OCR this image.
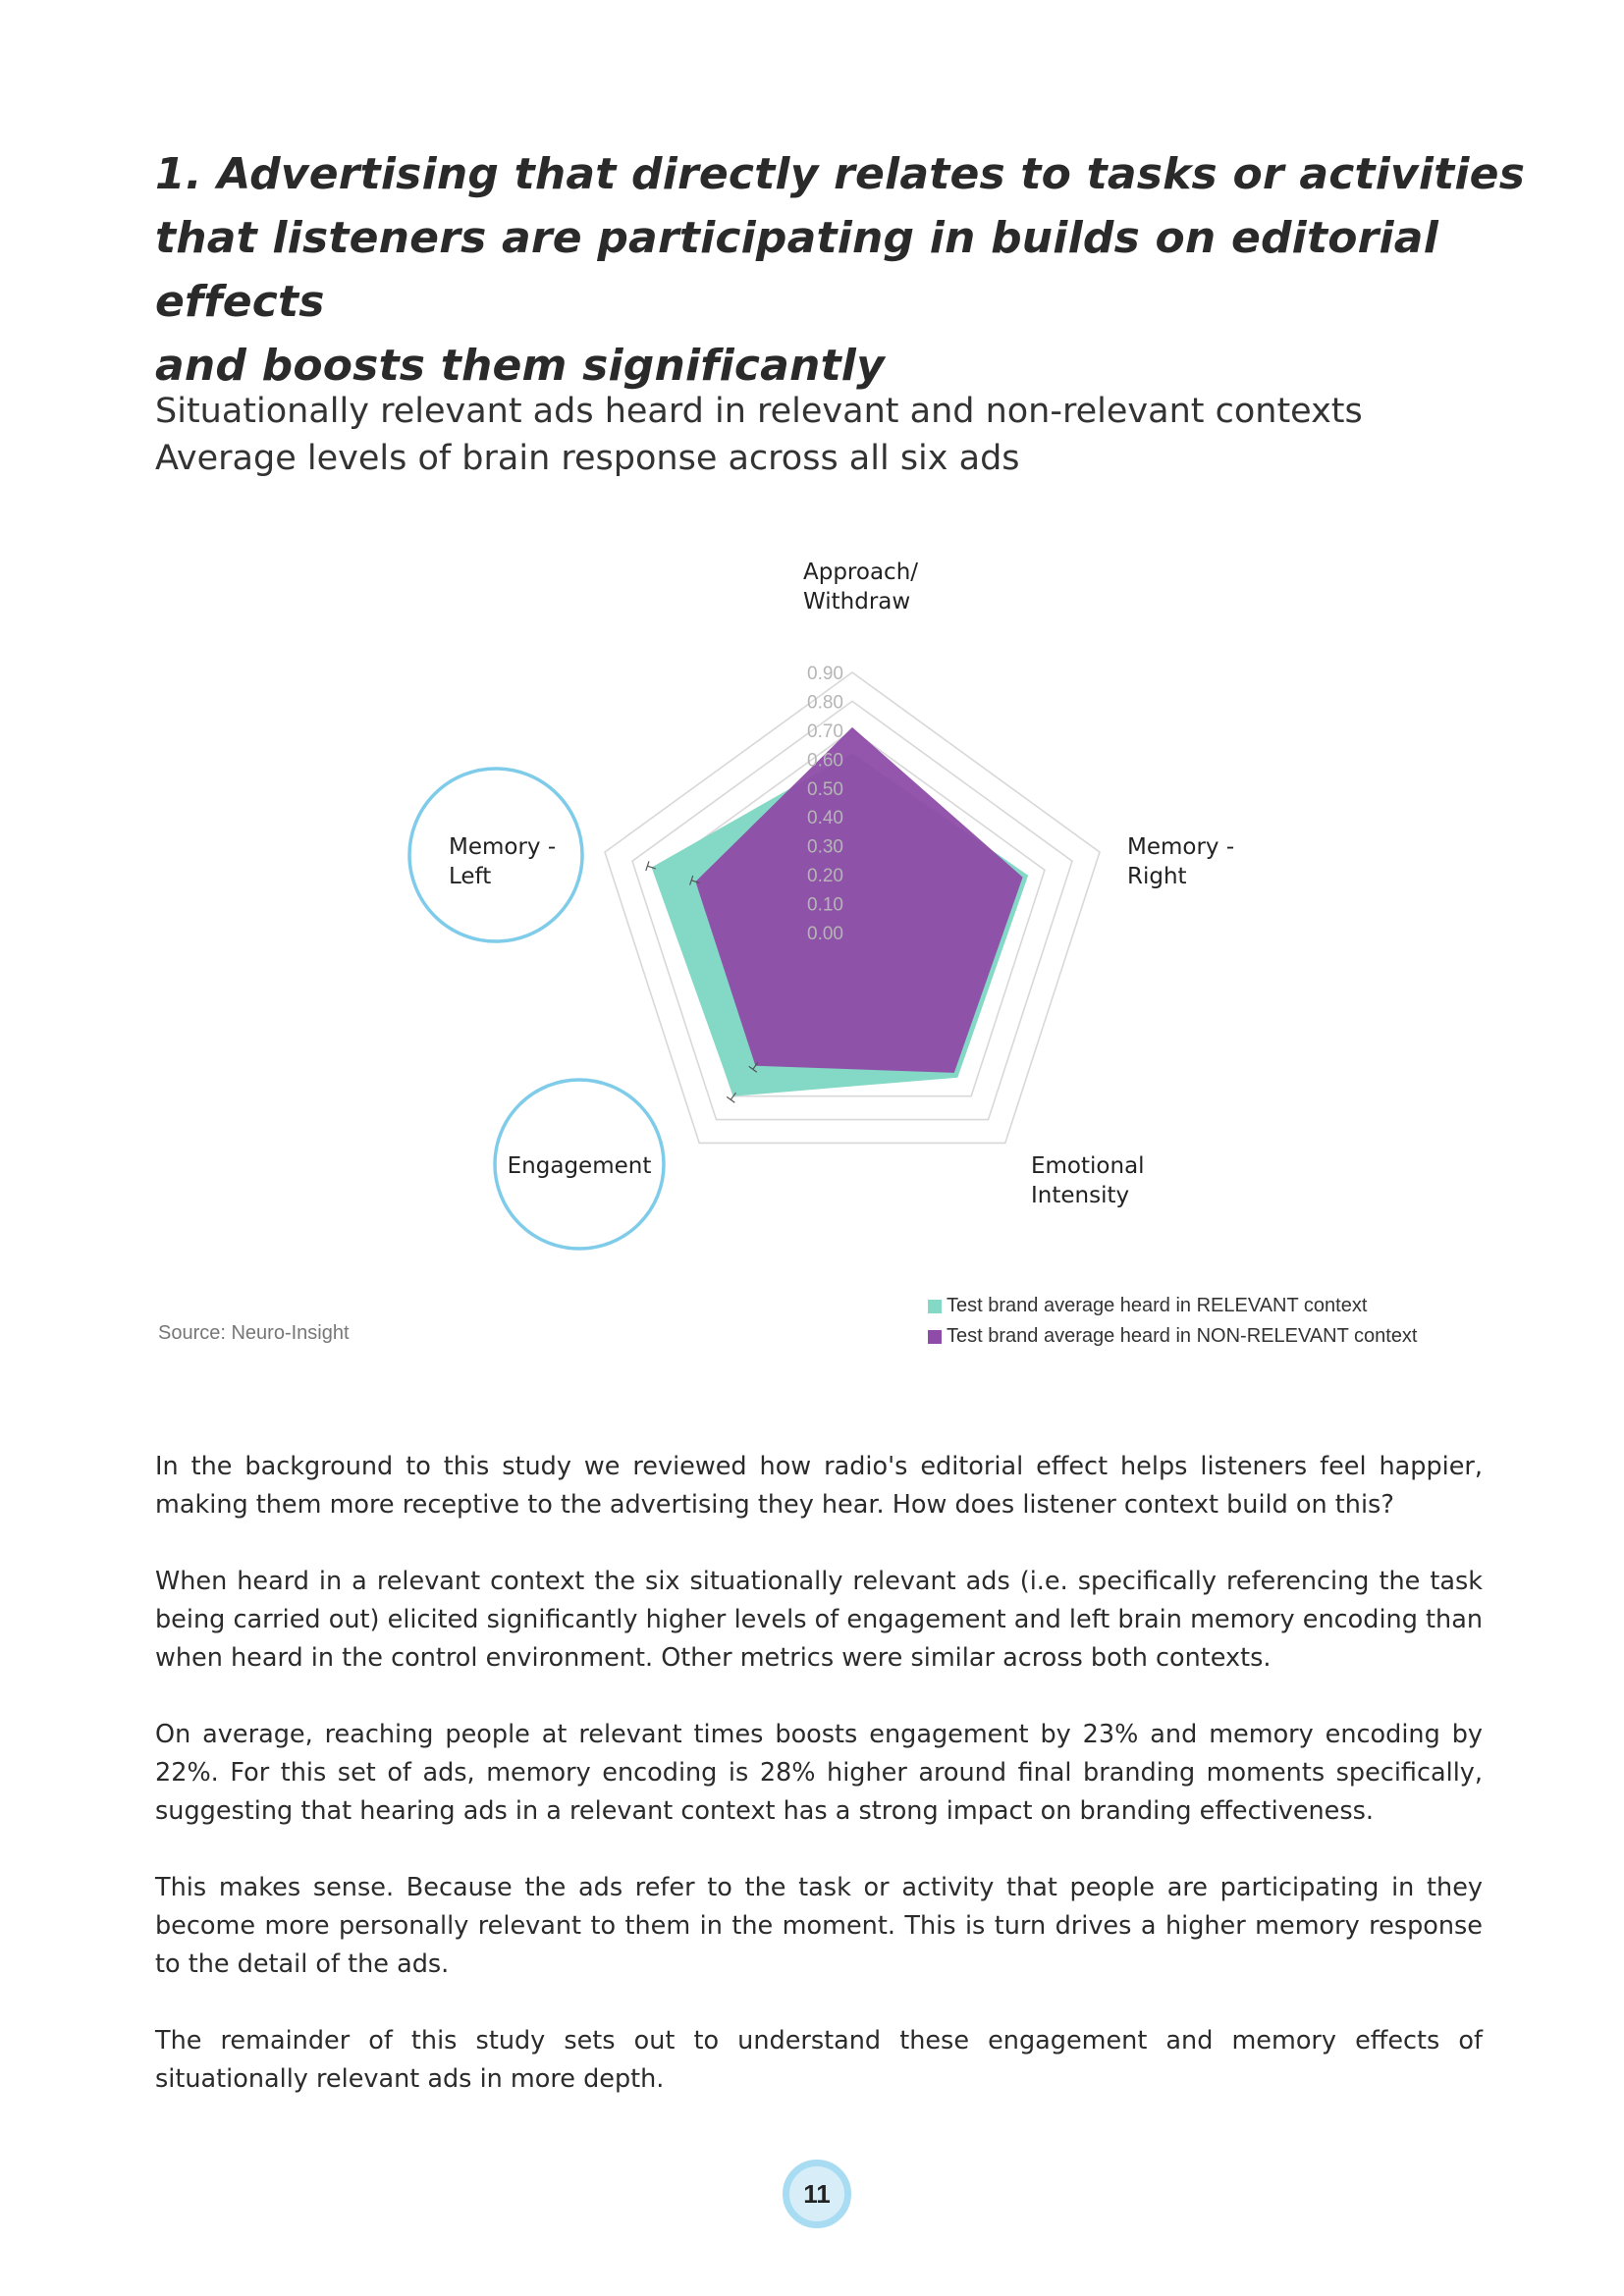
1. Advertising that directly relates to tasks or activities
that listeners are participating in builds on editorial effects
and boosts them significantly
Situationally relevant ads heard in relevant and non-relevant contexts
Average levels of brain response across all six ads
0.00
0.10
0.20
0.30
0.40
0.50
0.60
0.70
0.80
0.90
Approach/
Withdraw
Memory -
Right
Emotional
Intensity
Engagement
Memory -
Left
Source: Neuro-Insight
Test brand average heard in RELEVANT context
Test brand average heard in NON-RELEVANT context

In the background to this study we reviewed how radio's editorial effect helps listeners feel happier, making them more receptive to the advertising they hear. How does listener context build on this?

When heard in a relevant context the six situationally relevant ads (i.e. specifically referencing the task being carried out) elicited significantly higher levels of engagement and left brain memory encoding than when heard in the control environment. Other metrics were similar across both contexts.

On average, reaching people at relevant times boosts engagement by 23% and memory encoding by 22%. For this set of ads, memory encoding is 28% higher around final branding moments specifically, suggesting that hearing ads in a relevant context has a strong impact on branding effectiveness.

This makes sense. Because the ads refer to the task or activity that people are participating in they become more personally relevant to them in the moment. This is turn drives a higher memory response to the detail of the ads.

The remainder of this study sets out to understand these engagement and memory effects of situationally relevant ads in more depth.

11
